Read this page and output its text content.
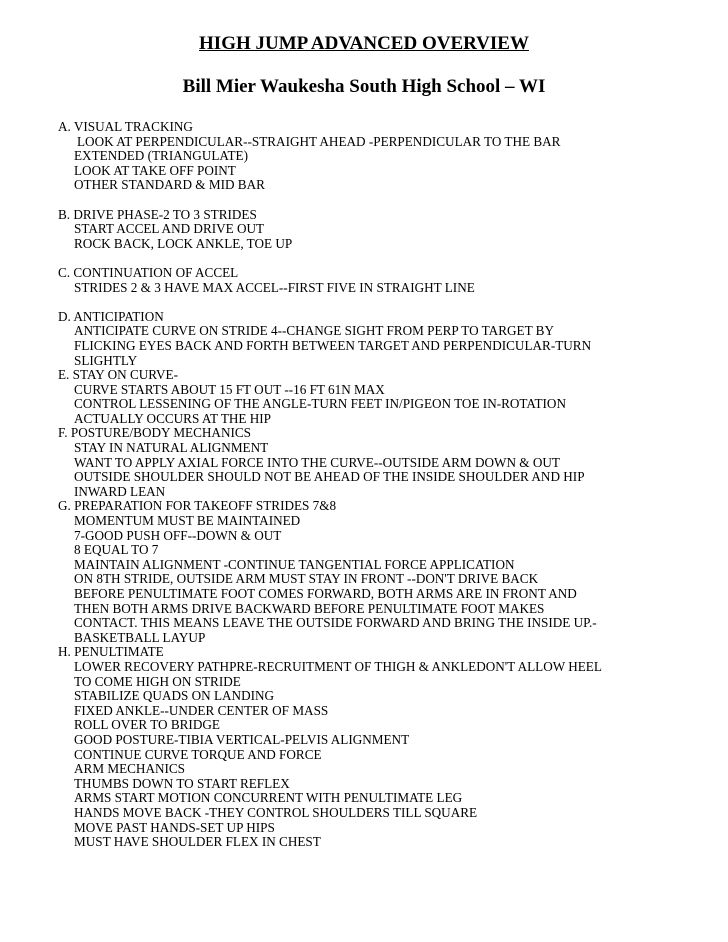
HIGH JUMP ADVANCED OVERVIEW
Bill Mier Waukesha South High School – WI
A. VISUAL TRACKING
LOOK AT PERPENDICULAR--STRAIGHT AHEAD -PERPENDICULAR TO THE BAR
EXTENDED (TRIANGULATE)
LOOK AT TAKE OFF POINT
OTHER STANDARD & MID BAR
B. DRIVE PHASE-2 TO 3 STRIDES
START ACCEL AND DRIVE OUT
ROCK BACK, LOCK ANKLE, TOE UP
C. CONTINUATION OF ACCEL
STRIDES 2 & 3 HAVE MAX ACCEL--FIRST FIVE IN STRAIGHT LINE
D. ANTICIPATION
ANTICIPATE CURVE ON STRIDE 4--CHANGE SIGHT FROM PERP TO TARGET BY
FLICKING EYES BACK AND FORTH BETWEEN TARGET AND PERPENDICULAR-TURN
SLIGHTLY
E. STAY ON CURVE-
CURVE STARTS ABOUT 15 FT OUT --16 FT 61N MAX
CONTROL LESSENING OF THE ANGLE-TURN FEET IN/PIGEON TOE IN-ROTATION
ACTUALLY OCCURS AT THE HIP
F. POSTURE/BODY MECHANICS
STAY IN NATURAL ALIGNMENT
WANT TO APPLY AXIAL FORCE INTO THE CURVE--OUTSIDE ARM DOWN & OUT
OUTSIDE SHOULDER SHOULD NOT BE AHEAD OF THE INSIDE SHOULDER AND HIP
INWARD LEAN
G. PREPARATION FOR TAKEOFF STRIDES 7&8
MOMENTUM MUST BE MAINTAINED
7-GOOD PUSH OFF--DOWN & OUT
8 EQUAL TO 7
MAINTAIN ALIGNMENT -CONTINUE TANGENTIAL FORCE APPLICATION
ON 8TH STRIDE, OUTSIDE ARM MUST STAY IN FRONT --DON'T DRIVE BACK
BEFORE PENULTIMATE FOOT COMES FORWARD, BOTH ARMS ARE IN FRONT AND
THEN BOTH ARMS DRIVE BACKWARD BEFORE PENULTIMATE FOOT MAKES
CONTACT. THIS MEANS LEAVE THE OUTSIDE FORWARD AND BRING THE INSIDE UP.-
BASKETBALL LAYUP
H. PENULTIMATE
LOWER RECOVERY PATHPRE-RECRUITMENT OF THIGH & ANKLEDON'T ALLOW HEEL
TO COME HIGH ON STRIDE
STABILIZE QUADS ON LANDING
FIXED ANKLE--UNDER CENTER OF MASS
ROLL OVER TO BRIDGE
GOOD POSTURE-TIBIA VERTICAL-PELVIS ALIGNMENT
CONTINUE CURVE TORQUE AND FORCE
ARM MECHANICS
THUMBS DOWN TO START REFLEX
ARMS START MOTION CONCURRENT WITH PENULTIMATE LEG
HANDS MOVE BACK -THEY CONTROL SHOULDERS TILL SQUARE
MOVE PAST HANDS-SET UP HIPS
MUST HAVE SHOULDER FLEX IN CHEST
